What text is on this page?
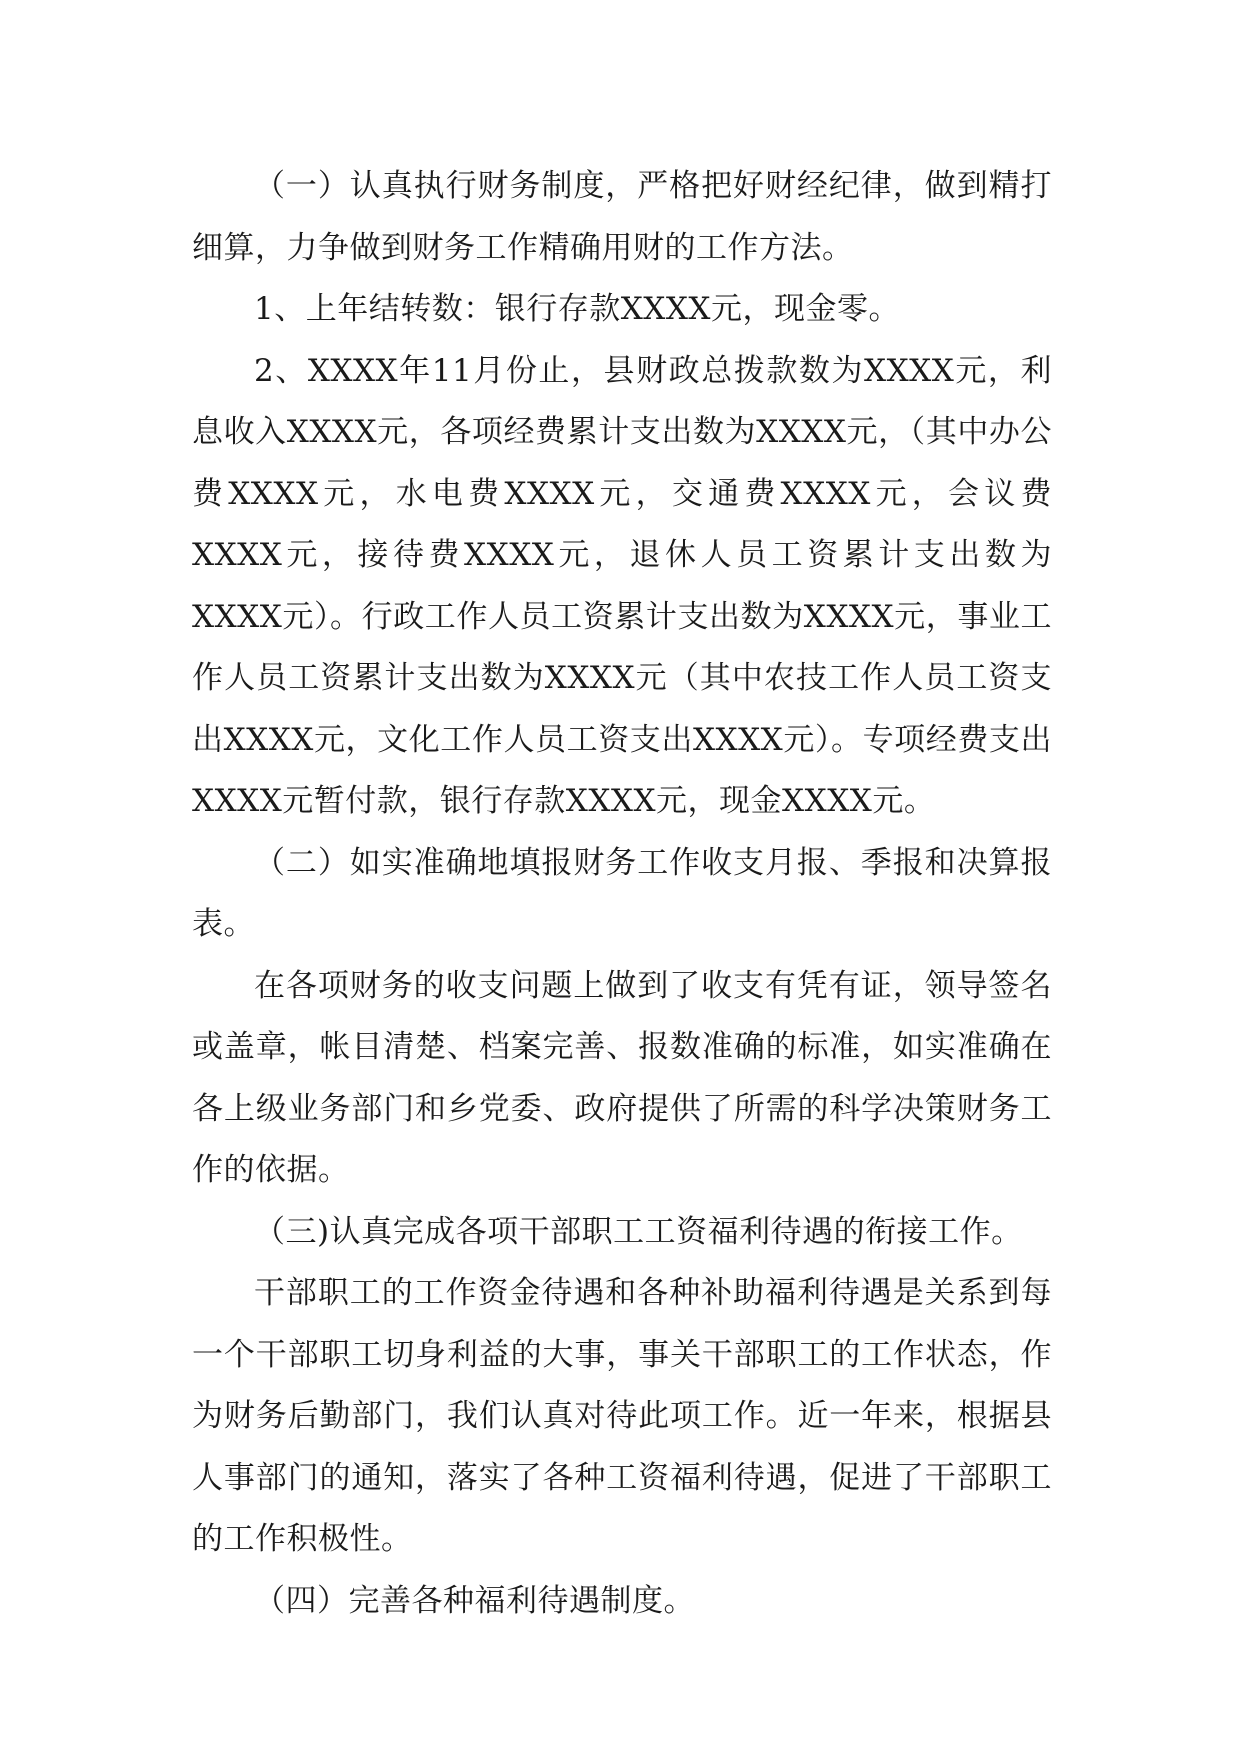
（一）认真执行财务制度，严格把好财经纪律，做到精打细算，力争做到财务工作精确用财的工作方法。

1、上年结转数：银行存款XXXX元，现金零。

2、XXXX年11月份止，县财政总拨款数为XXXX元，利息收入XXXX元，各项经费累计支出数为XXXX元，（其中办公费XXXX元，水电费XXXX元，交通费XXXX元，会议费XXXX元，接待费XXXX元，退休人员工资累计支出数为XXXX元）。行政工作人员工资累计支出数为XXXX元，事业工作人员工资累计支出数为XXXX元（其中农技工作人员工资支出XXXX元，文化工作人员工资支出XXXX元）。专项经费支出XXXX元暂付款，银行存款XXXX元，现金XXXX元。

（二）如实准确地填报财务工作收支月报、季报和决算报表。

在各项财务的收支问题上做到了收支有凭有证，领导签名或盖章，帐目清楚、档案完善、报数准确的标准，如实准确在各上级业务部门和乡党委、政府提供了所需的科学决策财务工作的依据。

（三)认真完成各项干部职工工资福利待遇的衔接工作。

干部职工的工作资金待遇和各种补助福利待遇是关系到每一个干部职工切身利益的大事，事关干部职工的工作状态，作为财务后勤部门，我们认真对待此项工作。近一年来，根据县人事部门的通知，落实了各种工资福利待遇，促进了干部职工的工作积极性。

（四）完善各种福利待遇制度。
